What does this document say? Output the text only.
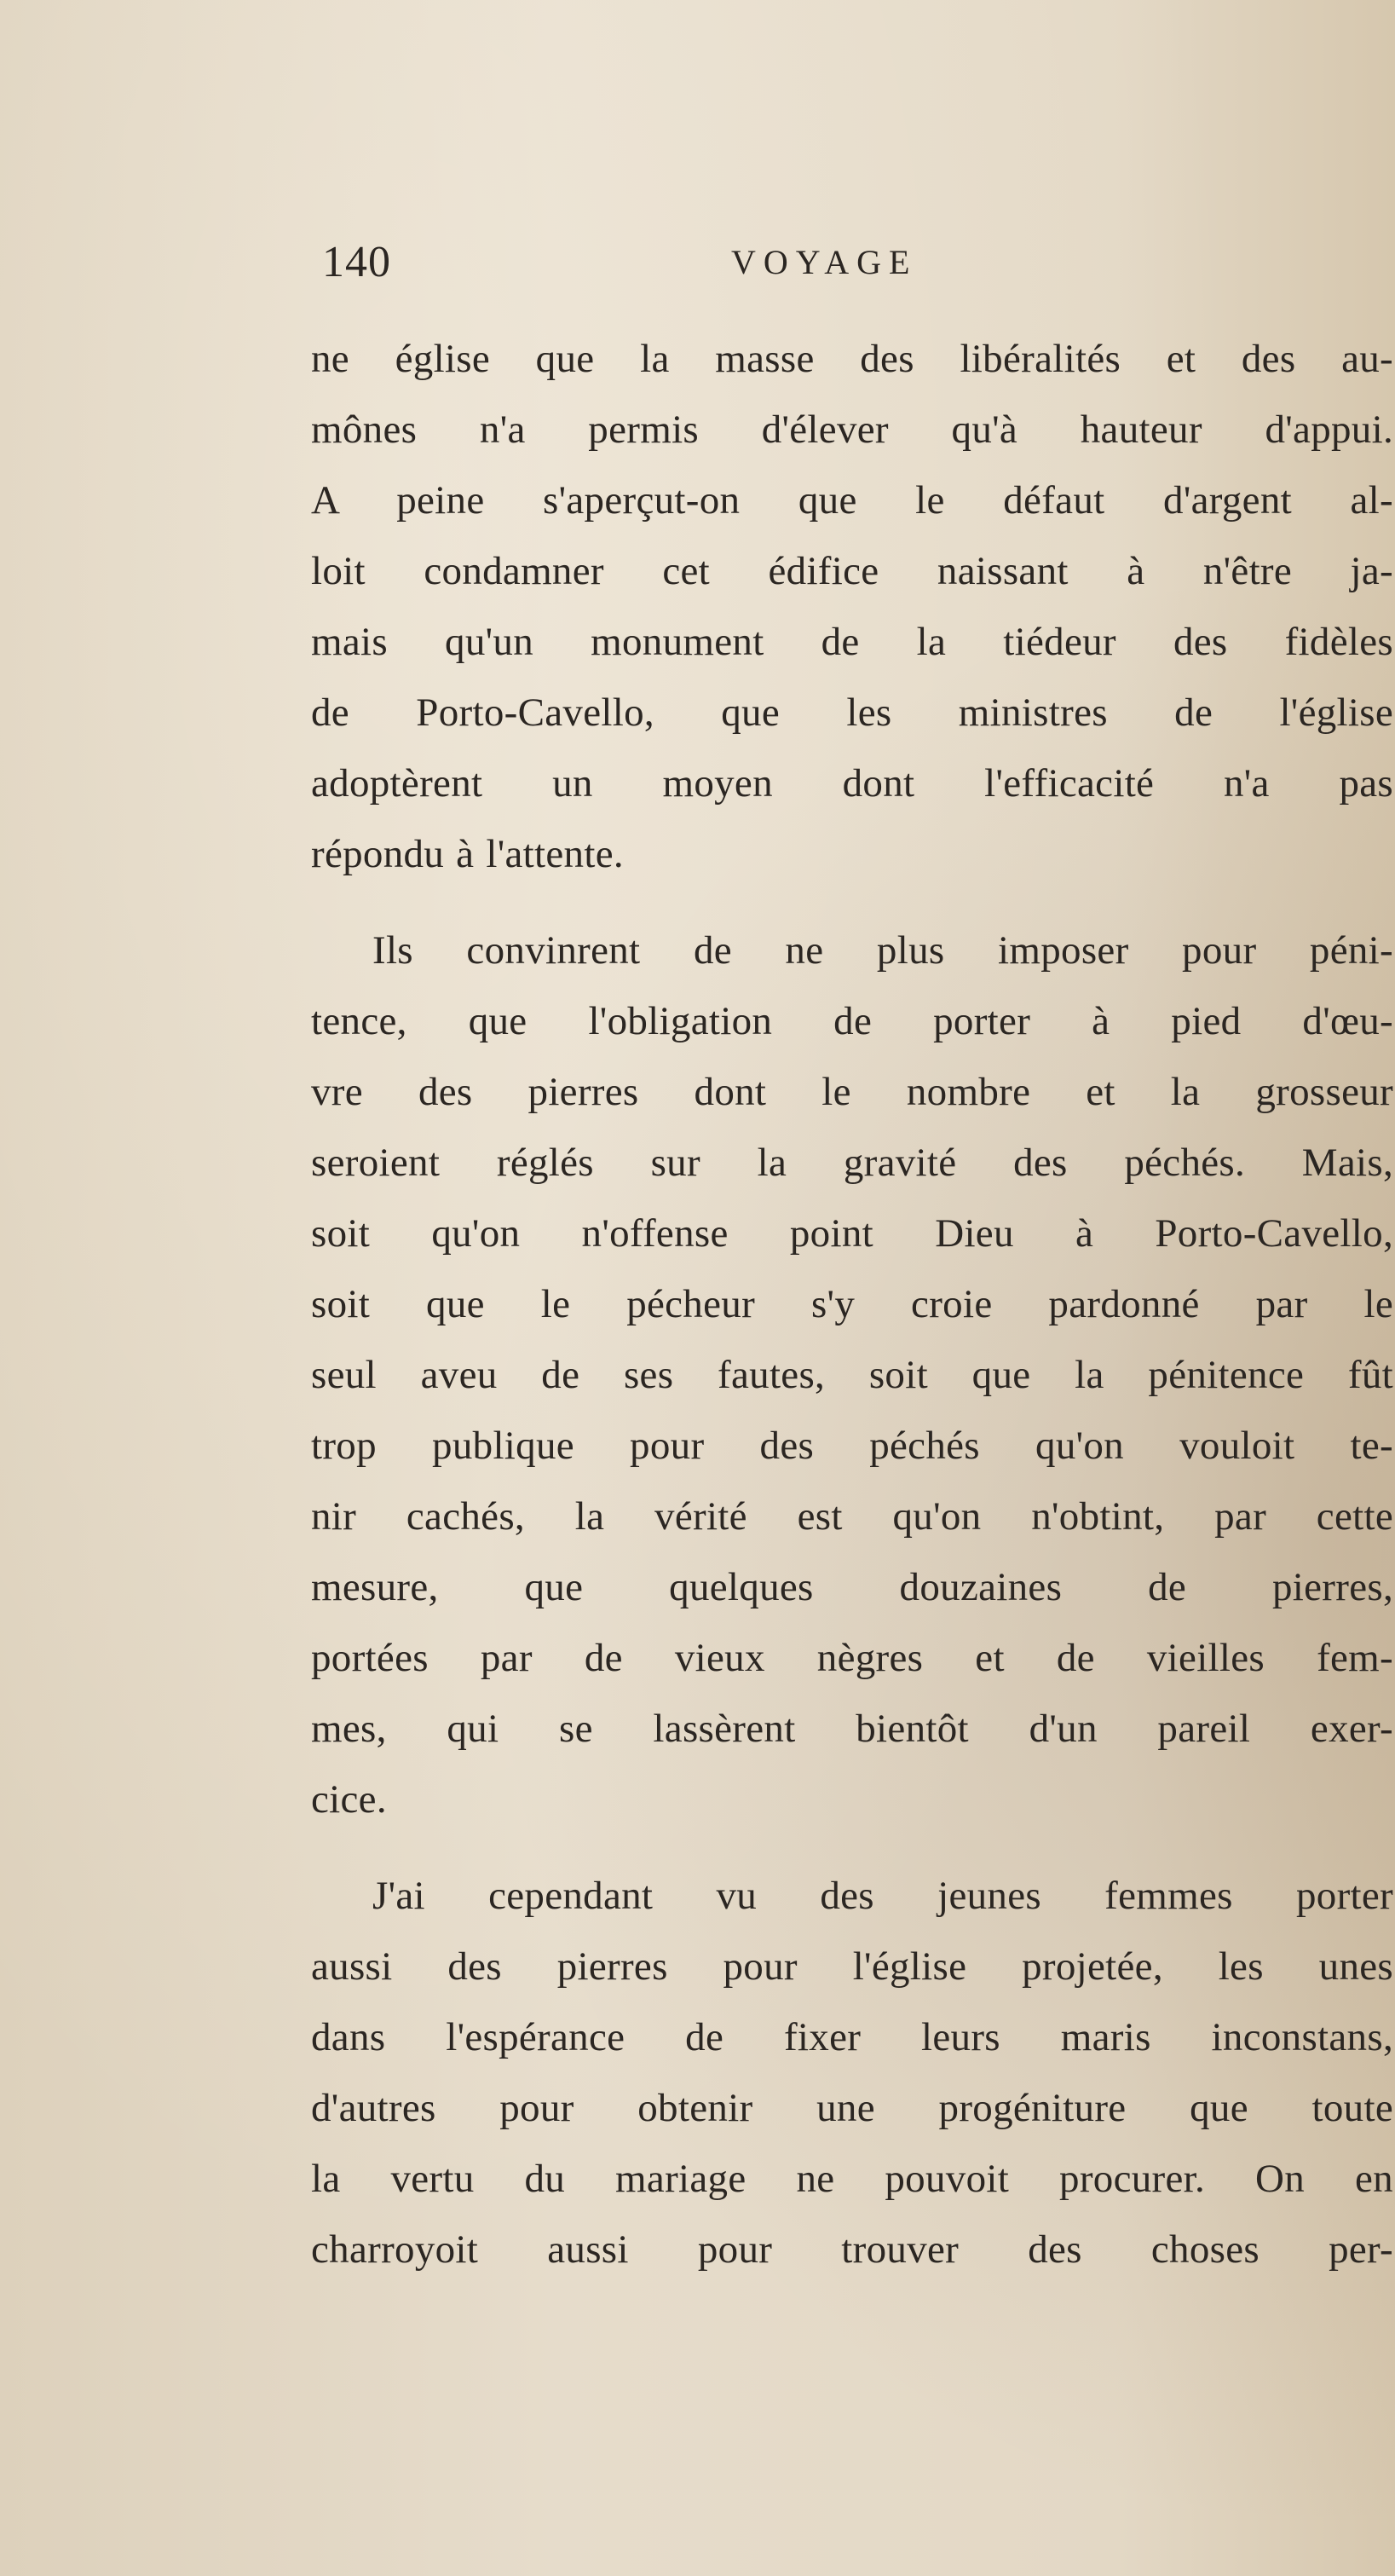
140	VOYAGE
ne église que la masse des libéralités et des au-
mônes n'a permis d'élever qu'à hauteur d'appui.
A peine s'aperçut-on que le défaut d'argent al-
loit condamner cet édifice naissant à n'être ja-
mais qu'un monument de la tiédeur des fidèles
de Porto-Cavello, que les ministres de l'église
adoptèrent un moyen dont l'efficacité n'a pas
répondu à l'attente.
Ils convinrent de ne plus imposer pour péni-
tence, que l'obligation de porter à pied d'œu-
vre des pierres dont le nombre et la grosseur
seroient réglés sur la gravité des péchés. Mais,
soit qu'on n'offense point Dieu à Porto-Cavello,
soit que le pécheur s'y croie pardonné par le
seul aveu de ses fautes, soit que la pénitence fût
trop publique pour des péchés qu'on vouloit te-
nir cachés, la vérité est qu'on n'obtint, par cette
mesure, que quelques douzaines de pierres,
portées par de vieux nègres et de vieilles fem-
mes, qui se lassèrent bientôt d'un pareil exer-
cice.
J'ai cependant vu des jeunes femmes porter
aussi des pierres pour l'église projetée, les unes
dans l'espérance de fixer leurs maris inconstans,
d'autres pour obtenir une progéniture que toute
la vertu du mariage ne pouvoit procurer. On en
charroyoit aussi pour trouver des choses per-
